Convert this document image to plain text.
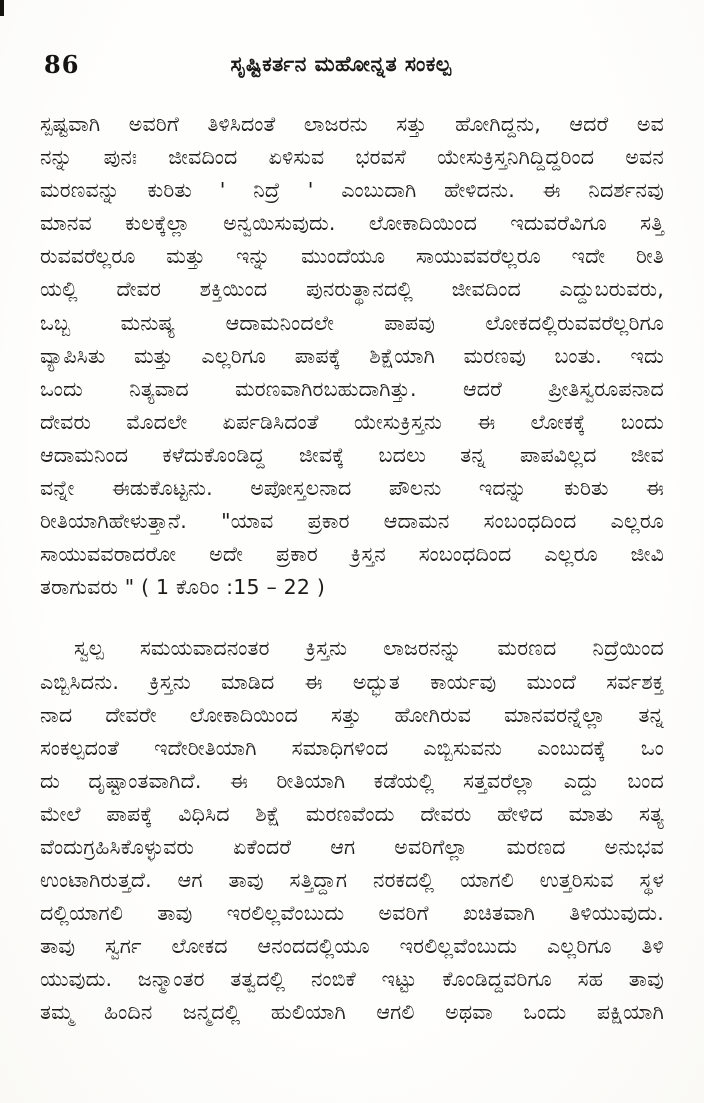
86	ಸೃಷ್ಟಿಕರ್ತನ ಮಹೋನ್ನತ ಸಂಕಲ್ಪ
ಸ್ಪಷ್ಟವಾಗಿ ಅವರಿಗೆ ತಿಳಿಸಿದಂತೆ ಲಾಜರನು ಸತ್ತು ಹೋಗಿದ್ದನು, ಆದರೆ ಅವ
ನನ್ನು ಪುನಃ ಜೀವದಿಂದ ಏಳಿಸುವ ಭರವಸೆ ಯೇಸುಕ್ರಿಸ್ತನಿಗಿದ್ದಿದ್ದರಿಂದ ಅವನ
ಮರಣವನ್ನು ಕುರಿತು ' ನಿದ್ರೆ ' ಎಂಬುದಾಗಿ ಹೇಳಿದನು. ಈ ನಿದರ್ಶನವು
ಮಾನವ ಕುಲಕ್ಕೆಲ್ಲಾ ಅನ್ವಯಿಸುವುದು. ಲೋಕಾದಿಯಿಂದ ಇದುವರೆವಿಗೂ ಸತ್ತಿ
ರುವವರೆಲ್ಲರೂ ಮತ್ತು ಇನ್ನು ಮುಂದೆಯೂ ಸಾಯುವವರೆಲ್ಲರೂ ಇದೇ ರೀತಿ
ಯಲ್ಲಿ ದೇವರ ಶಕ್ತಿಯಿಂದ ಪುನರುತ್ಥಾನದಲ್ಲಿ ಜೀವದಿಂದ ಎದ್ದುಬರುವರು,
ಒಬ್ಬ ಮನುಷ್ಯ ಆದಾಮನಿಂದಲೇ ಪಾಪವು ಲೋಕದಲ್ಲಿರುವವರೆಲ್ಲರಿಗೂ
ವ್ಯಾಪಿಸಿತು ಮತ್ತು ಎಲ್ಲರಿಗೂ ಪಾಪಕ್ಕೆ ಶಿಕ್ಷೆಯಾಗಿ ಮರಣವು ಬಂತು. ಇದು
ಒಂದು ನಿತ್ಯವಾದ ಮರಣವಾಗಿರಬಹುದಾಗಿತ್ತು. ಆದರೆ ಪ್ರೀತಿಸ್ವರೂಪನಾದ
ದೇವರು ಮೊದಲೇ ಏರ್ಪಡಿಸಿದಂತೆ ಯೇಸುಕ್ರಿಸ್ತನು ಈ ಲೋಕಕ್ಕೆ ಬಂದು
ಆದಾಮನಿಂದ ಕಳೆದುಕೊಂಡಿದ್ದ ಜೀವಕ್ಕೆ ಬದಲು ತನ್ನ ಪಾಪವಿಲ್ಲದ ಜೀವ
ವನ್ನೇ ಈಡುಕೊಟ್ಟನು. ಅಪೋಸ್ತಲನಾದ ಪೌಲನು ಇದನ್ನು ಕುರಿತು ಈ
ರೀತಿಯಾಗಿಹೇಳುತ್ತಾನೆ. "ಯಾವ ಪ್ರಕಾರ ಆದಾಮನ ಸಂಬಂಧದಿಂದ ಎಲ್ಲರೂ
ಸಾಯುವವರಾದರೋ ಅದೇ ಪ್ರಕಾರ ಕ್ರಿಸ್ತನ ಸಂಬಂಧದಿಂದ ಎಲ್ಲರೂ ಜೀವಿ
ತರಾಗುವರು " ( 1 ಕೊರಿಂ :15 – 22 )
ಸ್ವಲ್ಪ ಸಮಯವಾದನಂತರ ಕ್ರಿಸ್ತನು ಲಾಜರನನ್ನು ಮರಣದ ನಿದ್ರೆಯಿಂದ
ಎಬ್ಬಿಸಿದನು. ಕ್ರಿಸ್ತನು ಮಾಡಿದ ಈ ಅದ್ಭುತ ಕಾರ್ಯವು ಮುಂದೆ ಸರ್ವಶಕ್ತ
ನಾದ ದೇವರೇ ಲೋಕಾದಿಯಿಂದ ಸತ್ತು ಹೋಗಿರುವ ಮಾನವರನ್ನೆಲ್ಲಾ ತನ್ನ
ಸಂಕಲ್ಪದಂತೆ ಇದೇರೀತಿಯಾಗಿ ಸಮಾಧಿಗಳಿಂದ ಎಬ್ಬಿಸುವನು ಎಂಬುದಕ್ಕೆ ಒಂ
ದು ದೃಷ್ಟಾಂತವಾಗಿದೆ. ಈ ರೀತಿಯಾಗಿ ಕಡೆಯಲ್ಲಿ ಸತ್ತವರೆಲ್ಲಾ ಎದ್ದು ಬಂದ
ಮೇಲೆ ಪಾಪಕ್ಕೆ ವಿಧಿಸಿದ ಶಿಕ್ಷೆ ಮರಣವೆಂದು ದೇವರು ಹೇಳಿದ ಮಾತು ಸತ್ಯ
ವೆಂದುಗ್ರಹಿಸಿಕೊಳ್ಳುವರು ಏಕೆಂದರೆ ಆಗ ಅವರಿಗೆಲ್ಲಾ ಮರಣದ ಅನುಭವ
ಉಂಟಾಗಿರುತ್ತದೆ. ಆಗ ತಾವು ಸತ್ತಿದ್ದಾಗ ನರಕದಲ್ಲಿ ಯಾಗಲಿ ಉತ್ತರಿಸುವ ಸ್ಥಳ
ದಲ್ಲಿಯಾಗಲಿ ತಾವು ಇರಲಿಲ್ಲವೆಂಬುದು ಅವರಿಗೆ ಖಚಿತವಾಗಿ ತಿಳಿಯುವುದು.
ತಾವು ಸ್ವರ್ಗ ಲೋಕದ ಆನಂದದಲ್ಲಿಯೂ ಇರಲಿಲ್ಲವೆಂಬುದು ಎಲ್ಲರಿಗೂ ತಿಳಿ
ಯುವುದು. ಜನ್ಮಾಂತರ ತತ್ವದಲ್ಲಿ ನಂಬಿಕೆ ಇಟ್ಟು ಕೊಂಡಿದ್ದವರಿಗೂ ಸಹ ತಾವು
ತಮ್ಮ ಹಿಂದಿನ ಜನ್ಮದಲ್ಲಿ ಹುಲಿಯಾಗಿ ಆಗಲಿ ಅಥವಾ ಒಂದು ಪಕ್ಷಿಯಾಗಿ
